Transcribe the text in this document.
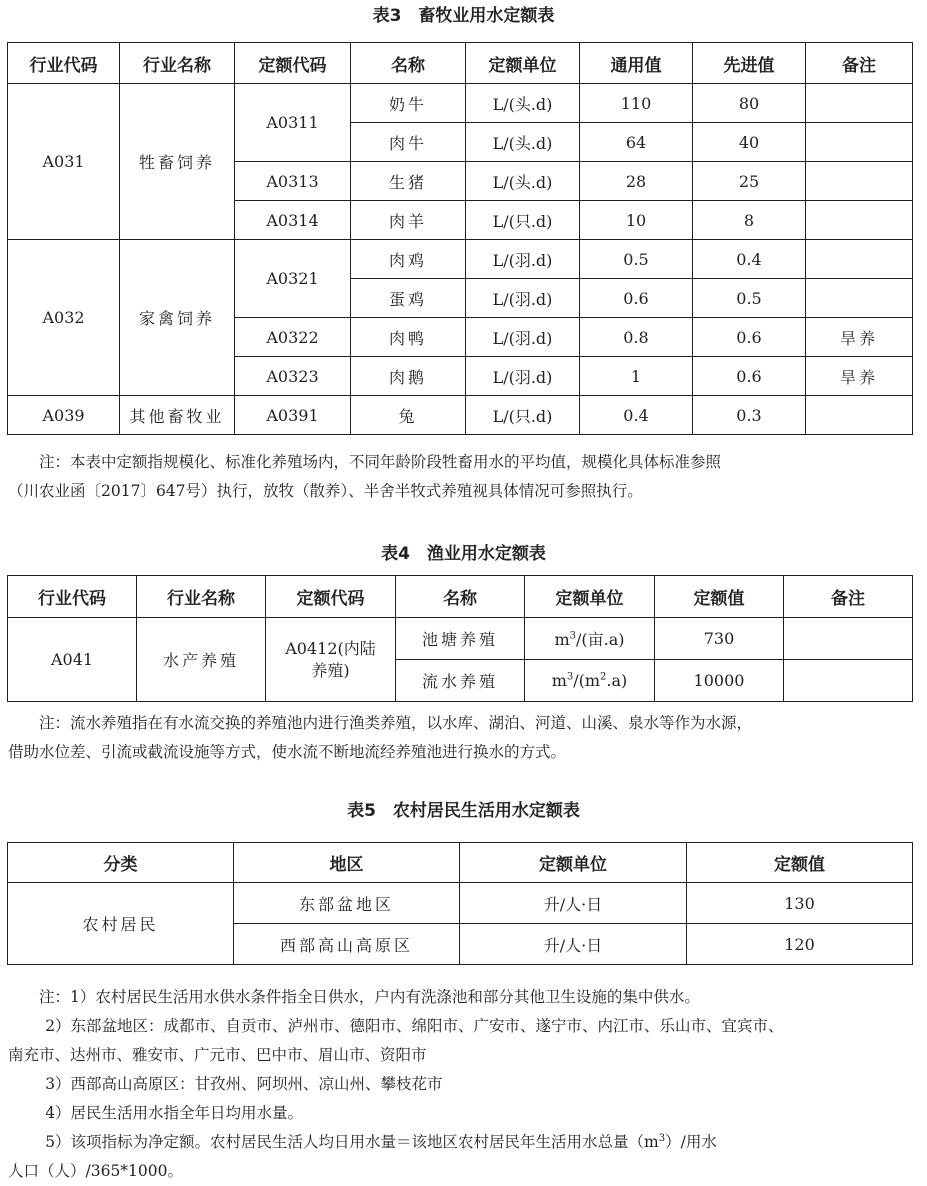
表3　畜牧业用水定额表
行业代码	行业名称	定额代码	名称	定额单位	通用值	先进值	备注
A031	牲畜饲养	A0311	奶牛	L/(头.d)	110	80	
			肉牛	L/(头.d)	64	40	
		A0313	生猪	L/(头.d)	28	25	
		A0314	肉羊	L/(只.d)	10	8	
A032	家禽饲养	A0321	肉鸡	L/(羽.d)	0.5	0.4	
			蛋鸡	L/(羽.d)	0.6	0.5	
		A0322	肉鸭	L/(羽.d)	0.8	0.6	旱养
		A0323	肉鹅	L/(羽.d)	1	0.6	旱养
A039	其他畜牧业	A0391	兔	L/(只.d)	0.4	0.3	

注：本表中定额指规模化、标准化养殖场内，不同年龄阶段牲畜用水的平均值，规模化具体标准参照

（川农业函〔2017〕647号）执行，放牧（散养）、半舍半牧式养殖视具体情况可参照执行。

表4　渔业用水定额表
行业代码	行业名称	定额代码	名称	定额单位	定额值	备注
A041	水产养殖	A0412(内陆养殖)	池塘养殖	$m^3/$(亩.a)	730	
			流水养殖	$m^3/(m^2.a)$	10000	

注：流水养殖指在有水流交换的养殖池内进行渔类养殖，以水库、湖泊、河道、山溪、泉水等作为水源，

借助水位差、引流或截流设施等方式，使水流不断地流经养殖池进行换水的方式。

表5　农村居民生活用水定额表
分类	地区	定额单位	定额值
农村居民	东部盆地区	升/人·日	130
	西部高山高原区	升/人·日	120

注：1）农村居民生活用水供水条件指全日供水，户内有洗涤池和部分其他卫生设施的集中供水。

2）东部盆地区：成都市、自贡市、泸州市、德阳市、绵阳市、广安市、遂宁市、内江市、乐山市、宜宾市、

南充市、达州市、雅安市、广元市、巴中市、眉山市、资阳市

3）西部高山高原区：甘孜州、阿坝州、凉山州、攀枝花市

4）居民生活用水指全年日均用水量。

5）该项指标为净定额。农村居民生活人均日用水量＝该地区农村居民年生活用水总量$(m^3)/$用水

人口（人）/365*1000。
